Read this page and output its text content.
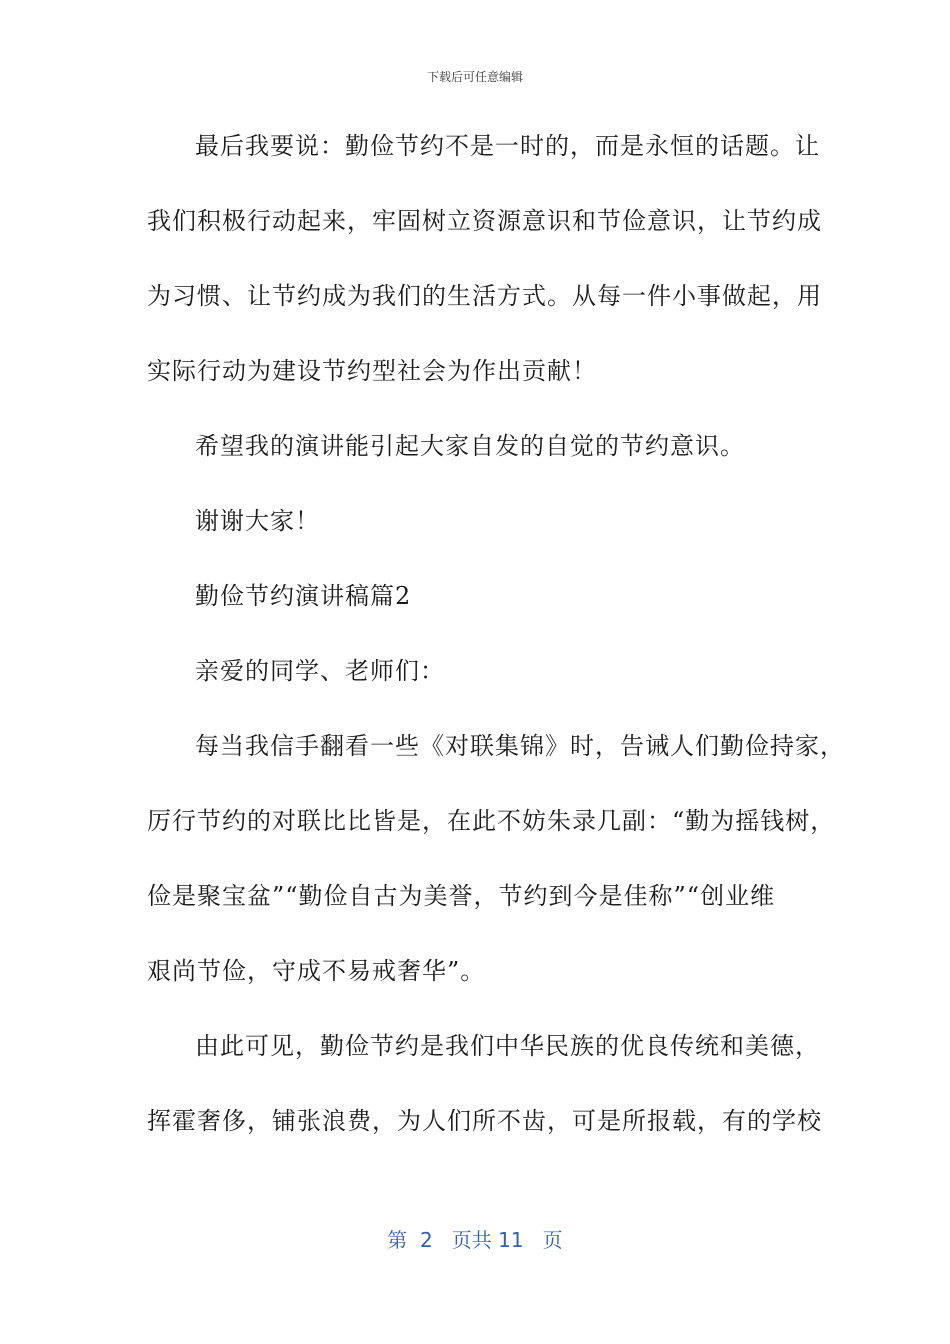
下载后可任意编辑
最后我要说：勤俭节约不是一时的，而是永恒的话题。让
我们积极行动起来，牢固树立资源意识和节俭意识，让节约成
为习惯、让节约成为我们的生活方式。从每一件小事做起，用
实际行动为建设节约型社会为作出贡献！
希望我的演讲能引起大家自发的自觉的节约意识。
谢谢大家！
勤俭节约演讲稿篇2
亲爱的同学、老师们：
每当我信手翻看一些《对联集锦》时，告诫人们勤俭持家，
厉行节约的对联比比皆是，在此不妨朱录几副：“勤为摇钱树，
俭是聚宝盆”“勤俭自古为美誉，节约到今是佳称”“创业维
艰尚节俭，守成不易戒奢华”。
由此可见，勤俭节约是我们中华民族的优良传统和美德，
挥霍奢侈，铺张浪费，为人们所不齿，可是所报载，有的学校
第  2   页共 11   页
